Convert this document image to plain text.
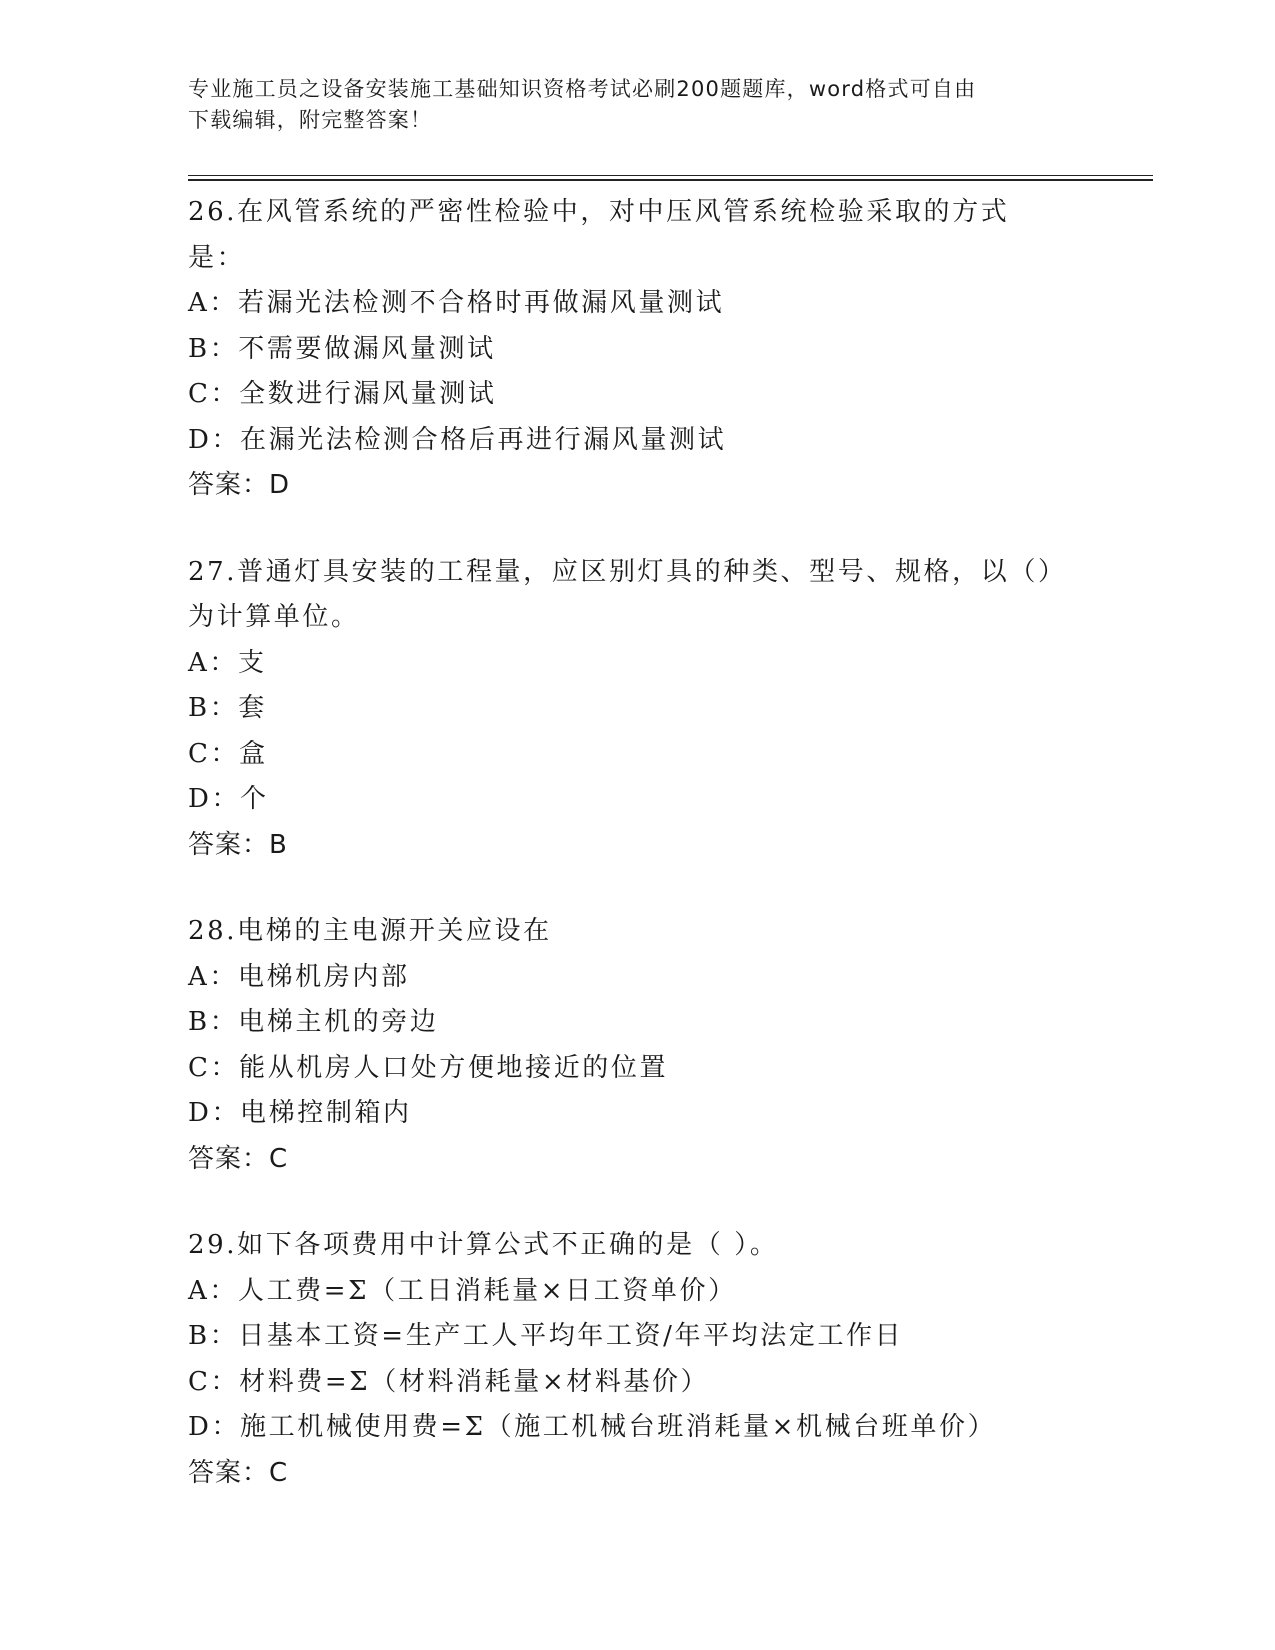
专业施工员之设备安装施工基础知识资格考试必刷200题题库，word格式可自由
下载编辑，附完整答案！
26.在风管系统的严密性检验中，对中压风管系统检验采取的方式是：
A：若漏光法检测不合格时再做漏风量测试
B：不需要做漏风量测试
C：全数进行漏风量测试
D：在漏光法检测合格后再进行漏风量测试
答案：D
27.普通灯具安装的工程量，应区别灯具的种类、型号、规格，以（）为计算单位。
A：支
B：套
C：盒
D：个
答案：B
28.电梯的主电源开关应设在
A：电梯机房内部
B：电梯主机的旁边
C：能从机房人口处方便地接近的位置
D：电梯控制箱内
答案：C
29.如下各项费用中计算公式不正确的是（ ）。
A：人工费=Σ（工日消耗量×日工资单价）
B：日基本工资=生产工人平均年工资/年平均法定工作日
C：材料费=Σ（材料消耗量×材料基价）
D：施工机械使用费=Σ（施工机械台班消耗量×机械台班单价）
答案：C
